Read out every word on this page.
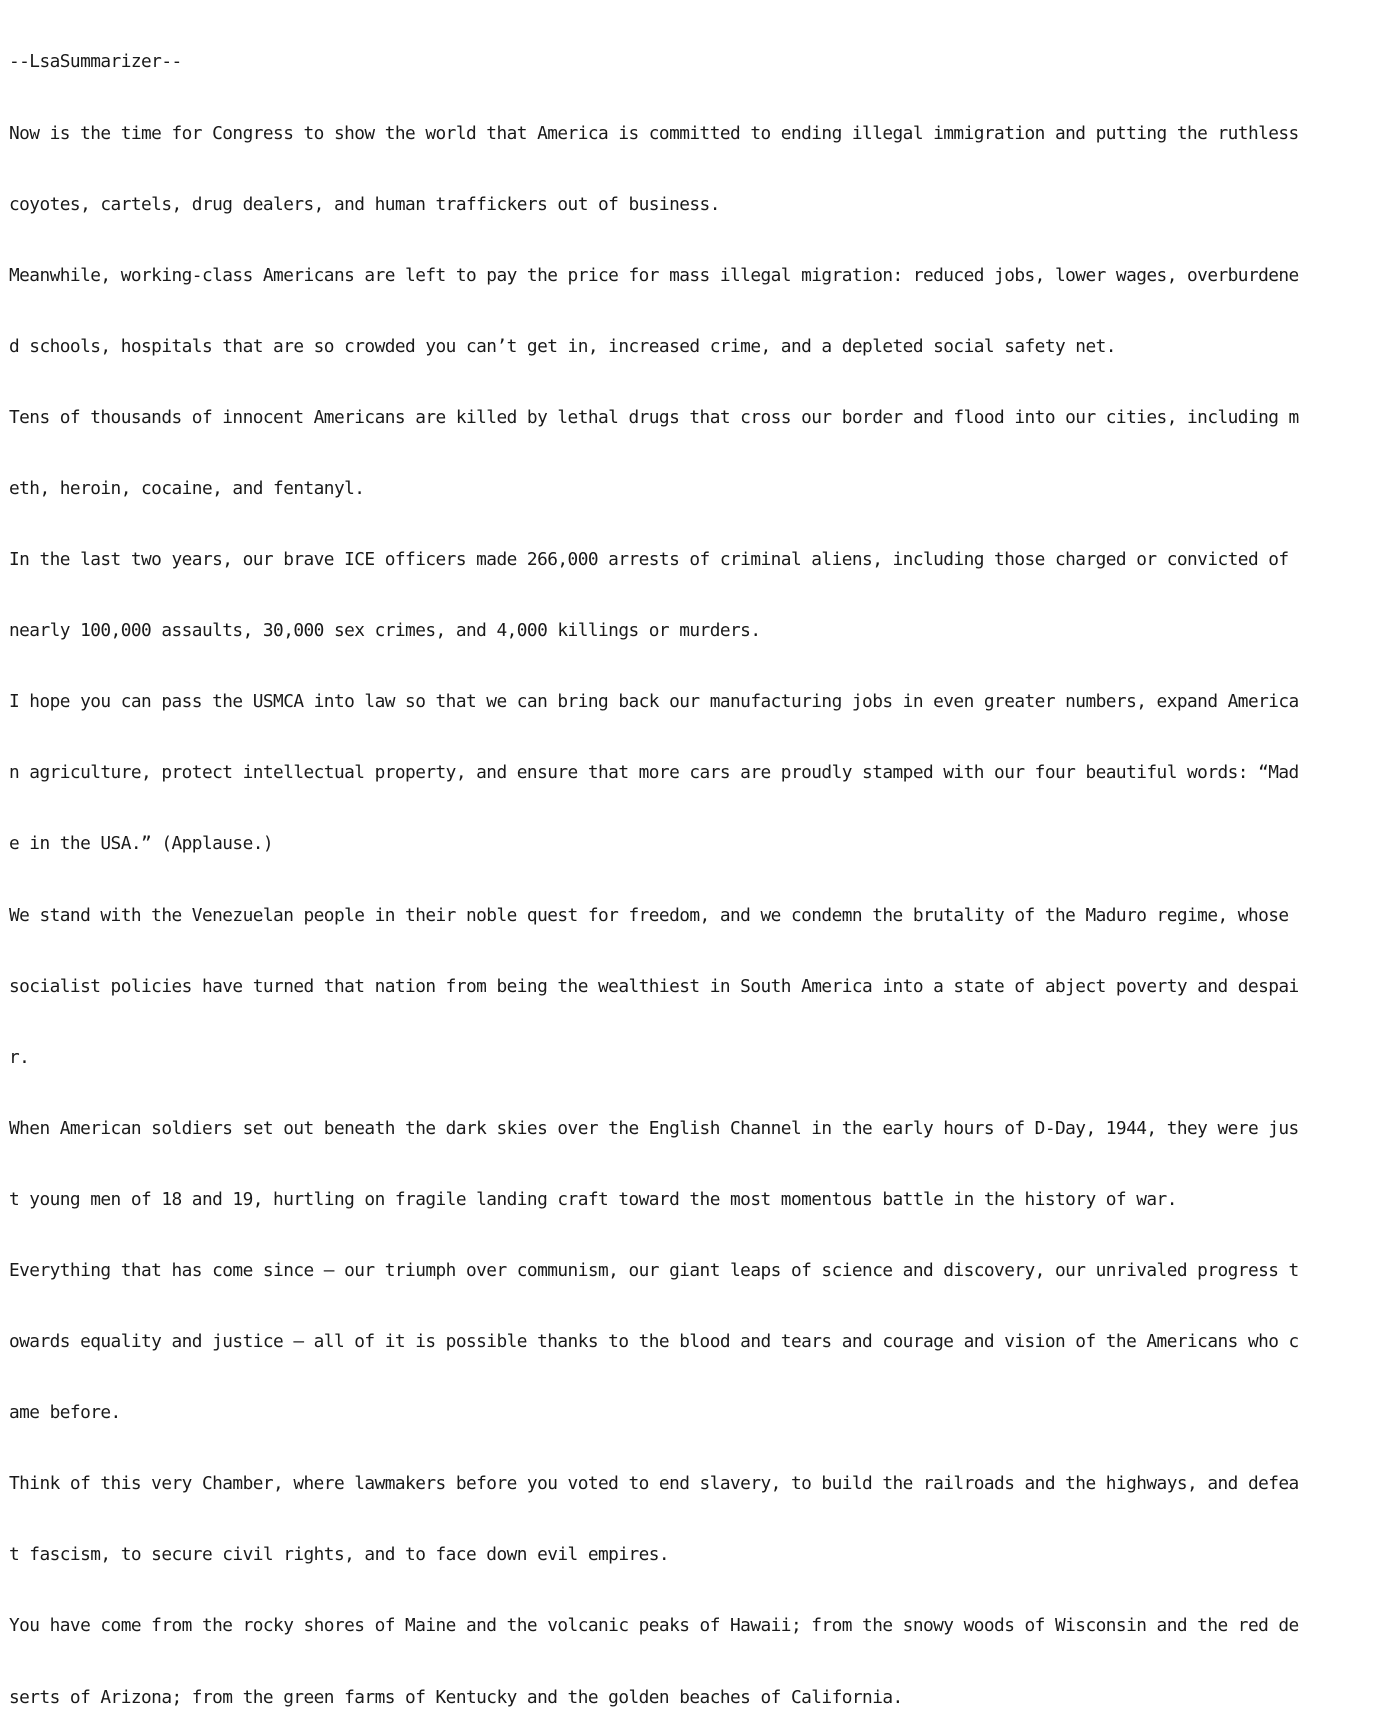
--LsaSummarizer--

Now is the time for Congress to show the world that America is committed to ending illegal immigration and putting the ruthless

coyotes, cartels, drug dealers, and human traffickers out of business.

Meanwhile, working-class Americans are left to pay the price for mass illegal migration: reduced jobs, lower wages, overburdene

d schools, hospitals that are so crowded you can’t get in, increased crime, and a depleted social safety net.

Tens of thousands of innocent Americans are killed by lethal drugs that cross our border and flood into our cities, including m

eth, heroin, cocaine, and fentanyl.

In the last two years, our brave ICE officers made 266,000 arrests of criminal aliens, including those charged or convicted of

nearly 100,000 assaults, 30,000 sex crimes, and 4,000 killings or murders.

I hope you can pass the USMCA into law so that we can bring back our manufacturing jobs in even greater numbers, expand America

n agriculture, protect intellectual property, and ensure that more cars are proudly stamped with our four beautiful words: “Mad

e in the USA.” (Applause.)

We stand with the Venezuelan people in their noble quest for freedom, and we condemn the brutality of the Maduro regime, whose

socialist policies have turned that nation from being the wealthiest in South America into a state of abject poverty and despai

r.

When American soldiers set out beneath the dark skies over the English Channel in the early hours of D-Day, 1944, they were jus

t young men of 18 and 19, hurtling on fragile landing craft toward the most momentous battle in the history of war.

Everything that has come since — our triumph over communism, our giant leaps of science and discovery, our unrivaled progress t

owards equality and justice — all of it is possible thanks to the blood and tears and courage and vision of the Americans who c

ame before.

Think of this very Chamber, where lawmakers before you voted to end slavery, to build the railroads and the highways, and defea

t fascism, to secure civil rights, and to face down evil empires.

You have come from the rocky shores of Maine and the volcanic peaks of Hawaii; from the snowy woods of Wisconsin and the red de

serts of Arizona; from the green farms of Kentucky and the golden beaches of California.
